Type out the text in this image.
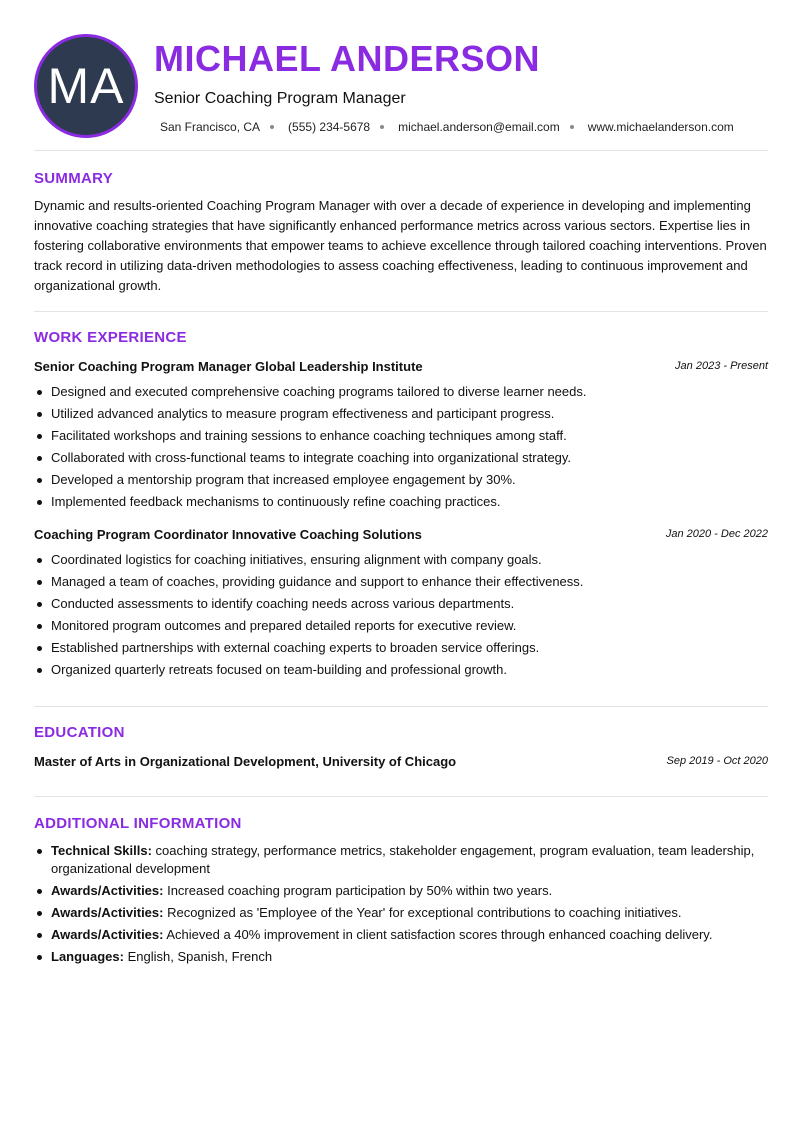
MA MICHAEL ANDERSON
Senior Coaching Program Manager
San Francisco, CA (555) 234-5678 michael.anderson@email.com www.michaelanderson.com
SUMMARY
Dynamic and results-oriented Coaching Program Manager with over a decade of experience in developing and implementing innovative coaching strategies that have significantly enhanced performance metrics across various sectors. Expertise lies in fostering collaborative environments that empower teams to achieve excellence through tailored coaching interventions. Proven track record in utilizing data-driven methodologies to assess coaching effectiveness, leading to continuous improvement and organizational growth.
WORK EXPERIENCE
Senior Coaching Program Manager Global Leadership Institute	Jan 2023 - Present
Designed and executed comprehensive coaching programs tailored to diverse learner needs.
Utilized advanced analytics to measure program effectiveness and participant progress.
Facilitated workshops and training sessions to enhance coaching techniques among staff.
Collaborated with cross-functional teams to integrate coaching into organizational strategy.
Developed a mentorship program that increased employee engagement by 30%.
Implemented feedback mechanisms to continuously refine coaching practices.
Coaching Program Coordinator Innovative Coaching Solutions	Jan 2020 - Dec 2022
Coordinated logistics for coaching initiatives, ensuring alignment with company goals.
Managed a team of coaches, providing guidance and support to enhance their effectiveness.
Conducted assessments to identify coaching needs across various departments.
Monitored program outcomes and prepared detailed reports for executive review.
Established partnerships with external coaching experts to broaden service offerings.
Organized quarterly retreats focused on team-building and professional growth.
EDUCATION
Master of Arts in Organizational Development, University of Chicago	Sep 2019 - Oct 2020
ADDITIONAL INFORMATION
Technical Skills: coaching strategy, performance metrics, stakeholder engagement, program evaluation, team leadership, organizational development
Awards/Activities: Increased coaching program participation by 50% within two years.
Awards/Activities: Recognized as 'Employee of the Year' for exceptional contributions to coaching initiatives.
Awards/Activities: Achieved a 40% improvement in client satisfaction scores through enhanced coaching delivery.
Languages: English, Spanish, French
